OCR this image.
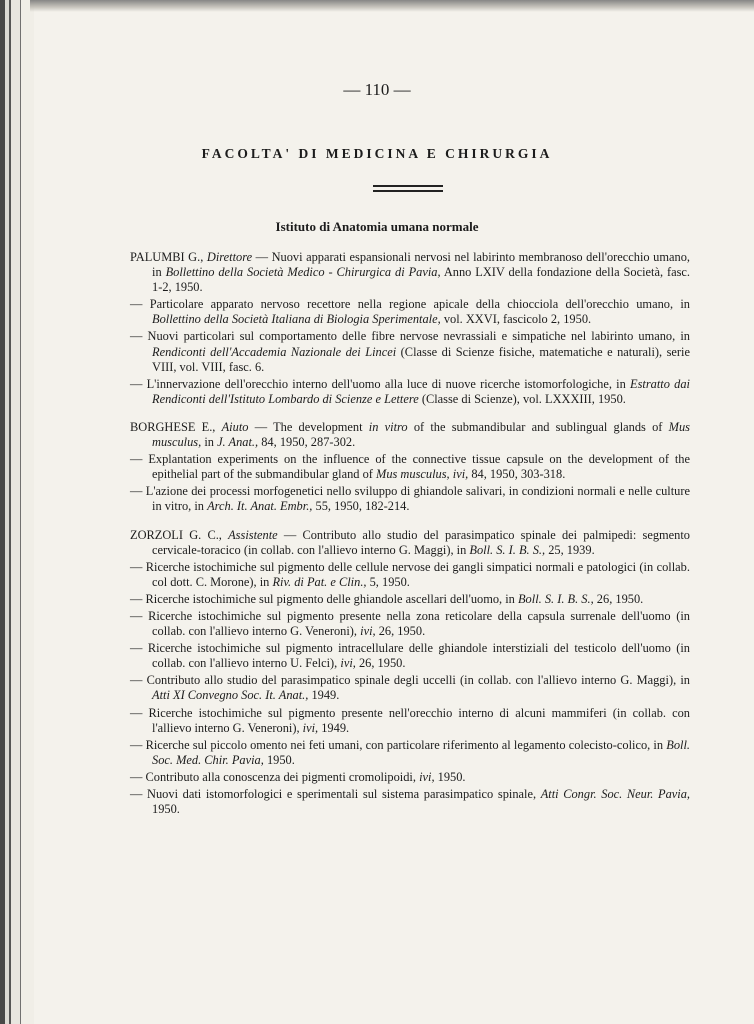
— 110 —
FACOLTA' DI MEDICINA E CHIRURGIA
Istituto di Anatomia umana normale
PALUMBI G., Direttore — Nuovi apparati espansionali nervosi nel labirinto membranoso dell'orecchio umano, in Bollettino della Società Medico - Chirurgica di Pavia, Anno LXIV della fondazione della Società, fasc. 1-2, 1950.
— Particolare apparato nervoso recettore nella regione apicale della chiocciola dell'orecchio umano, in Bollettino della Società Italiana di Biologia Sperimentale, vol. XXVI, fascicolo 2, 1950.
— Nuovi particolari sul comportamento delle fibre nervose nevrassiali e simpatiche nel labirinto umano, in Rendiconti dell'Accademia Nazionale dei Lincei (Classe di Scienze fisiche, matematiche e naturali), serie VIII, vol. VIII, fasc. 6.
— L'innervazione dell'orecchio interno dell'uomo alla luce di nuove ricerche istomorfologiche, in Estratto dai Rendiconti dell'Istituto Lombardo di Scienze e Lettere (Classe di Scienze), vol. LXXXIII, 1950.
BORGHESE E., Aiuto — The development in vitro of the submandibular and sublingual glands of Mus musculus, in J. Anat., 84, 1950, 287-302.
— Explantation experiments on the influence of the connective tissue capsule on the development of the epithelial part of the submandibular gland of Mus musculus, ivi, 84, 1950, 303-318.
— L'azione dei processi morfogenetici nello sviluppo di ghiandole salivari, in condizioni normali e nelle culture in vitro, in Arch. It. Anat. Embr., 55, 1950, 182-214.
ZORZOLI G. C., Assistente — Contributo allo studio del parasimpatico spinale dei palmipedi: segmento cervicale-toracico (in collab. con l'allievo interno G. Maggi), in Boll. S. I. B. S., 25, 1939.
— Ricerche istochimiche sul pigmento delle cellule nervose dei gangli simpatici normali e patologici (in collab. col dott. C. Morone), in Riv. di Pat. e Clin., 5, 1950.
— Ricerche istochimiche sul pigmento delle ghiandole ascellari dell'uomo, in Boll. S. I. B. S., 26, 1950.
— Ricerche istochimiche sul pigmento presente nella zona reticolare della capsula surrenale dell'uomo (in collab. con l'allievo interno G. Veneroni), ivi, 26, 1950.
— Ricerche istochimiche sul pigmento intracellulare delle ghiandole interstiziali del testicolo dell'uomo (in collab. con l'allievo interno U. Felci), ivi, 26, 1950.
— Contributo allo studio del parasimpatico spinale degli uccelli (in collab. con l'allievo interno G. Maggi), in Atti XI Convegno Soc. It. Anat., 1949.
— Ricerche istochimiche sul pigmento presente nell'orecchio interno di alcuni mammiferi (in collab. con l'allievo interno G. Veneroni), ivi, 1949.
— Ricerche sul piccolo omento nei feti umani, con particolare riferimento al legamento colecisto-colico, in Boll. Soc. Med. Chir. Pavia, 1950.
— Contributo alla conoscenza dei pigmenti cromolipoidi, ivi, 1950.
— Nuovi dati istomorfologici e sperimentali sul sistema parasimpatico spinale, Atti Congr. Soc. Neur. Pavia, 1950.
